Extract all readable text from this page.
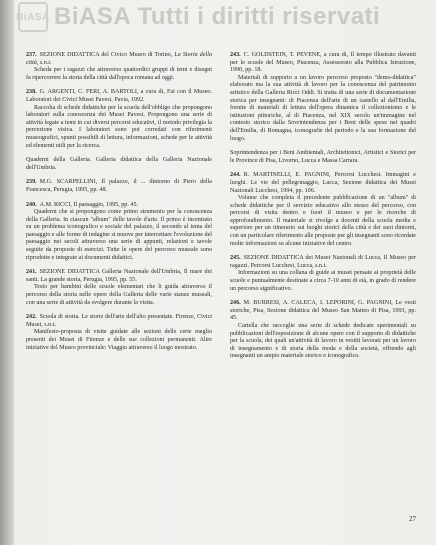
BiASA BiASA Tutti i diritti riservati

237. SEZIONE DIDATTICA del Civico Museo di Torino, La Storia della città, s.n.t.

Scheda per i ragazzi che attraverso quattordici gruppi di temi e disegni fa ripercorrere la storia della città dall'epoca romana ad oggi.

238. G. ARGENTI, C. FERI, A. BARTOLI, a cura di, Fai con il Museo. Laboratori dei Civici Musei Pavesi, Pavia, 1992.

Raccolta di schede didattiche per la scuola dell'obbligo che propongono laboratori sulla conoscenza dei Musei Pavesi. Propongono una serie di attività legate a temi in cui diversi percorsi educativi, il metodo privilegia la percezione visiva. I laboratori sono poi corredati con riferimenti museografici, spunti possibili di lettura, informazioni, schede per le attività ed elementi utili per la ricerca.

Quaderni della Galleria. Galleria didattica della Galleria Nazionale dell'Umbria.

239. M.G. SCARPELLINI, Il palazzo, il ... dintorno di Piero della Francesca, Perugia, 1995, pp. 48.

240. A.M. RICCI, Il paesaggio, 1995, pp. 45.

Quaderni che si propongono come primo strumento per la conoscenza della Galleria. In ciascun "album" delle tavole d'arte. Il primo è incentrato su un problema iconografico e sociale del palazzo, il secondo al tema del paesaggio e alle forme di indagine si muove per intercettare l'evoluzione del paesaggio nei secoli attraverso una serie di appunti, relazioni e tavole seguite da proposte di esercizi. Tutte le opere del percorso museale sono riprodotte e integrate ai documenti didattici.

241. SEZIONE DIDATTICA Galleria Nazionale dell'Umbria, Il mare dei santi. La grande storia, Perugia, 1995, pp. 55.

Testo per bambini delle scuole elementari che li guida attraverso il percorso della storia nelle opere della Galleria delle varie stanze museali, con una serie di attività da svolgere durante la visita.

242. Scuola di storia. Le storie dell'arte dell'alto presentate. Firenze, Civici Musei, s.n.t.

Manifesto-proposta di visite guidate alle sezioni delle certe meglio presenti dei Musei di Firenze e delle sue collezioni permanenti. Altre iniziative del Museo provinciale: Viaggio attraverso il luogo mostrato.

243. C. GOLDSTEIN, T. PEVENE, a cura di, Il tempo illustrato davanti per le scuole del Museo, Piacenza, Assessorato alla Pubblica Istruzione, 1990, pp. 18.

Materiali di supporto a un lavoro percorso proposto "demo-didattica" elaborato ma la sua attività di lavoro per la conoscenza del patrimonio artistico della Galleria Ricci Oddi. Si tratta di una serie di documentazione storica per insegnanti: di Piacenza dell'arte di un castello al dall'Emilia, fornite di materiali di lettura dell'opera dinamica il collezionismo e le istituzioni pittoriche, al di Piacenza, nel XIX secolo un'immagine nel contesto storico dalla Sovrintendenza per i Beni delle spese nei quadri dell'Emilia, di Romagna, iconografie del periodo e la sua formazione del luogo.

Soprintendenza per i Beni Ambientali, Architettonici, Artistici e Storici per le Province di Pisa, Livorno, Lucca e Massa Carrara.

244. R. MARTINELLI, E. PAGNINI, Percorsi Lucchesi. Immagini e luoghi. Le vie del pellegrinaggio, Lucca, Sezione didattica dei Musei Nazionali Lucchesi, 1994, pp. 106.

Volume che completa il precedente pubblicazione di un "album" di schede didattiche per il servizio educativo allo stesso del percorso, con percorsi di visita dentro e fuori il museo e per le ricerche di approfondimento. Il materiale si rivolge a docenti della scuola media e superiore per un itinerario sui luoghi storici della città e dei suoi dintorni, con un particolare riferimento alle proposte per gli insegnanti sono ricordate molte informazioni su alcune iniziative del centro.

245. SEZIONE DIDATTICA dei Musei Nazionali di Lucca, Il Museo per ragazzi. Percorsi Lucchesi, Lucca, s.n.t.

Informazioni su una collana di guide ai musei pensate ai proprietà delle scuole e puntualmente destinate a circa 7-10 anni di età, in grado di rendere un percorso significativo.

246. M. BURRESI, A. CALECA, I. LEPORINI, G. PAGNINI, Le vesti storiche, Pisa, Sezione didattica del Museo San Matteo di Pisa, 1993, pp. 45.

Cartella che raccoglie una serie di schede dedicate sperimentali su pubblicazioni dell'esposizione di alcune opere con il supporto di didattiche per la scuola, dei quali un'attività di lavoro in vestiti lavorati per un lavoro di insegnamento e di storia della moda e della società, offrendo agli insegnanti un ampio materiale storico e iconografico.

27
